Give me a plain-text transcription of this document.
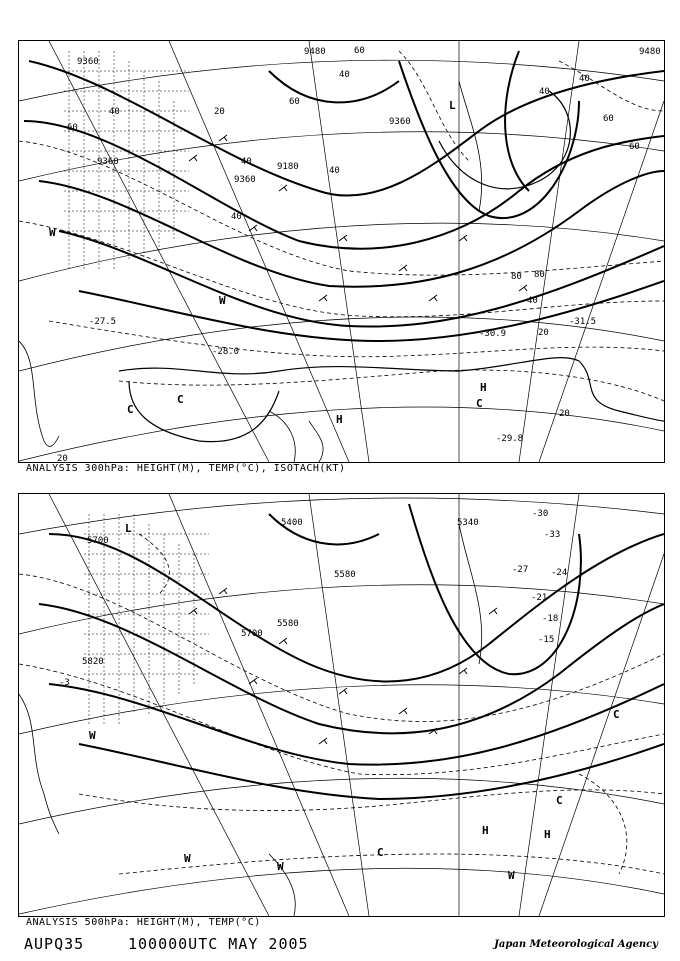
9360
9360
9480
9180
9360
9360
9480
60
40	20
40
40
60
40
60
40
60
40
60
80 80
40
20
20
20
40
-30.9
-31.5
-29.8
-27.5
-28.0
W
W
C
C
H
H
C
L
ANALYSIS 300hPa: HEIGHT(M), TEMP(°C), ISOTACH(KT)
5700
5820
5700
5580
5340
5400
5580
-3
-27	-24
-21
-18
-15
-30
-33
W
W
W
C
C
H	H
C
W
L
ANALYSIS 500hPa: HEIGHT(M), TEMP(°C)
AUPQ35	100000UTC MAY 2005	Japan Meteorological Agency
